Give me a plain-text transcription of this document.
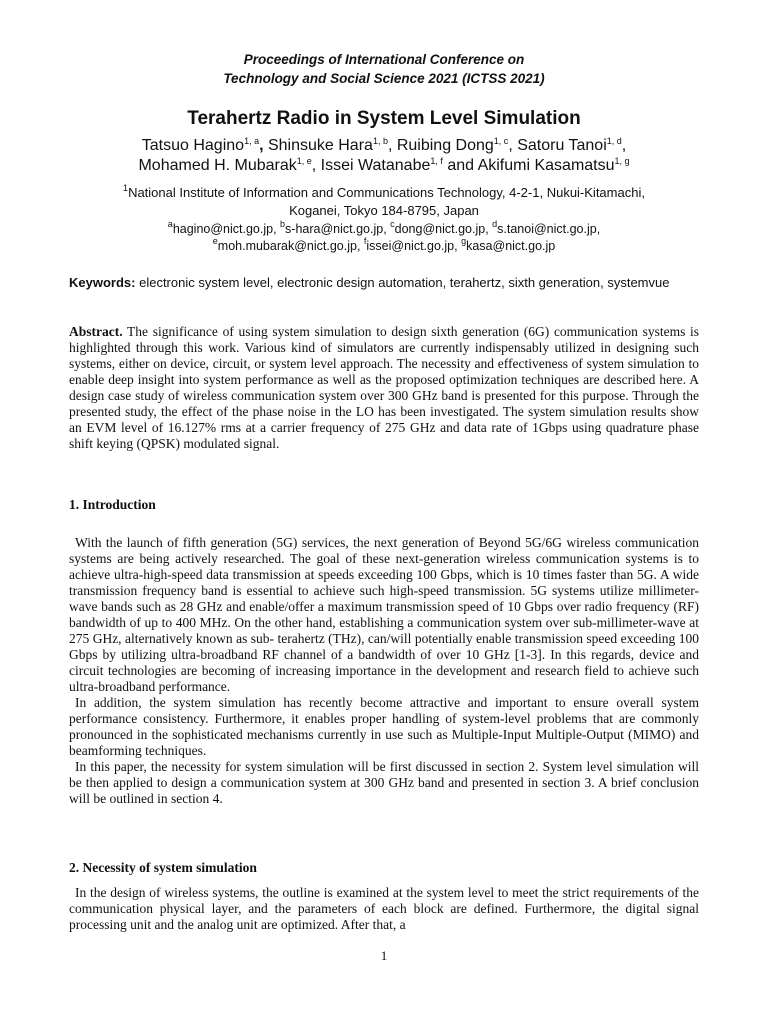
Proceedings of International Conference on
Technology and Social Science 2021 (ICTSS 2021)
Terahertz Radio in System Level Simulation
Tatsuo Hagino$^{1, a}$, Shinsuke Hara$^{1, b}$, Ruibing Dong$^{1, c}$, Satoru Tanoi$^{1, d}$,
Mohamed H. Mubarak$^{1, e}$, Issei Watanabe$^{1, f}$ and Akifumi Kasamatsu$^{1, g}$
$^1$National Institute of Information and Communications Technology, 4-2-1, Nukui-Kitamachi,
Koganei, Tokyo 184-8795, Japan
$^a$hagino@nict.go.jp, $^b$s-hara@nict.go.jp, $^c$dong@nict.go.jp, $^d$s.tanoi@nict.go.jp,
$^e$moh.mubarak@nict.go.jp, $^f$issei@nict.go.jp, $^g$kasa@nict.go.jp
Keywords: electronic system level, electronic design automation, terahertz, sixth generation, systemvue
Abstract. The significance of using system simulation to design sixth generation (6G) communication systems is highlighted through this work. Various kind of simulators are currently indispensably utilized in designing such systems, either on device, circuit, or system level approach. The necessity and effectiveness of system simulation to enable deep insight into system performance as well as the proposed optimization techniques are described here. A design case study of wireless communication system over 300 GHz band is presented for this purpose. Through the presented study, the effect of the phase noise in the LO has been investigated. The system simulation results show an EVM level of 16.127% rms at a carrier frequency of 275 GHz and data rate of 1Gbps using quadrature phase shift keying (QPSK) modulated signal.
1. Introduction

With the launch of fifth generation (5G) services, the next generation of Beyond 5G/6G wireless communication systems are being actively researched. The goal of these next-generation wireless communication systems is to achieve ultra-high-speed data transmission at speeds exceeding 100 Gbps, which is 10 times faster than 5G. A wide transmission frequency band is essential to achieve such high-speed transmission. 5G systems utilize millimeter-wave bands such as 28 GHz and enable/offer a maximum transmission speed of 10 Gbps over radio frequency (RF) bandwidth of up to 400 MHz. On the other hand, establishing a communication system over sub-millimeter-wave at 275 GHz, alternatively known as sub- terahertz (THz), can/will potentially enable transmission speed exceeding 100 Gbps by utilizing ultra-broadband RF channel of a bandwidth of over 10 GHz [1-3]. In this regards, device and circuit technologies are becoming of increasing importance in the development and research field to achieve such ultra-broadband performance.

In addition, the system simulation has recently become attractive and important to ensure overall system performance consistency. Furthermore, it enables proper handling of system-level problems that are commonly pronounced in the sophisticated mechanisms currently in use such as Multiple-Input Multiple-Output (MIMO) and beamforming techniques.

In this paper, the necessity for system simulation will be first discussed in section 2. System level simulation will be then applied to design a communication system at 300 GHz band and presented in section 3. A brief conclusion will be outlined in section 4.

2. Necessity of system simulation

In the design of wireless systems, the outline is examined at the system level to meet the strict requirements of the communication physical layer, and the parameters of each block are defined. Furthermore, the digital signal processing unit and the analog unit are optimized. After that, a

1
